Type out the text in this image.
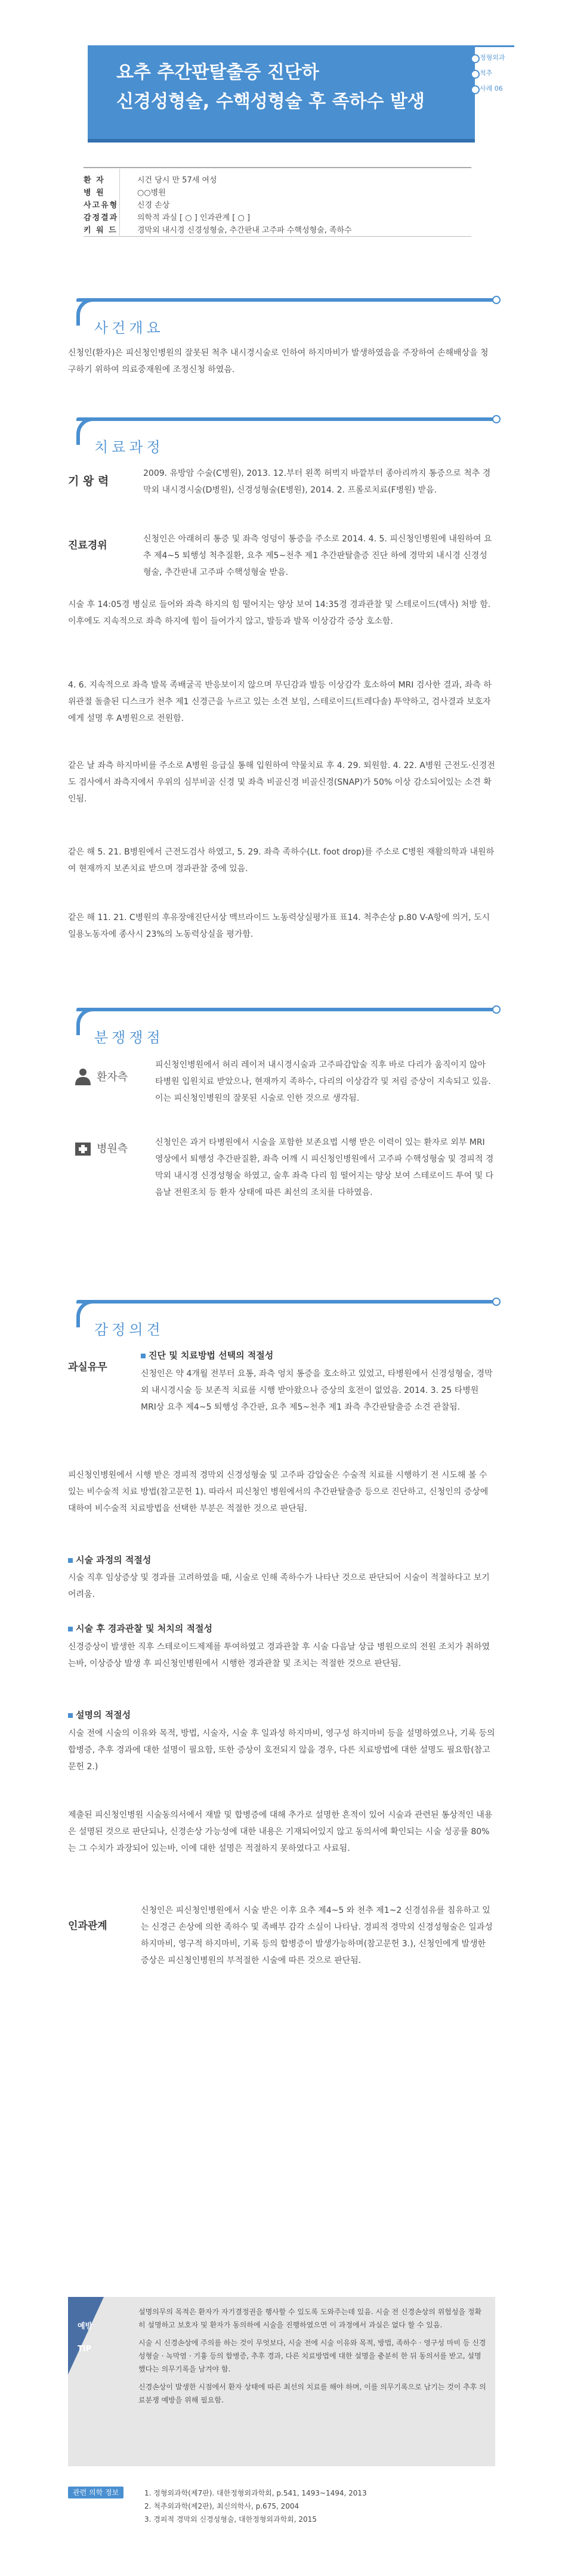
요추 추간판탈출증 진단하
신경성형술, 수핵성형술 후 족하수 발생
정형외과
척추
사례 06
환 자	시건 당시 만 57세 여성
병 원	○○병원
사고유형	신경 손상
감정결과	의학적 과실 [ ○ ] 인과관계 [ ○ ]
키 워 드	경막외 내시경 신경성형술, 추간판내 고주파 수핵성형술, 족하수
사건개요

신청인(환자)은 피신청인병원의 잘못된 척추 내시경시술로 인하여 하지마비가 발생하였음을 주장하여 손해배상을 청구하기 위하여 의료중재원에 조정신청 하였음.

치료과정
기 왕 력

2009. 유방암 수술(C병원), 2013. 12.부터 왼쪽 허벅지 바깥부터 종아리까지 통증으로 척추 경막외 내시경시술(D병원), 신경성형술(E병원), 2014. 2. 프롤로치료(F병원) 받음.

진료경위

신청인은 아래허리 통증 및 좌측 엉덩이 통증을 주소로 2014. 4. 5. 피신청인병원에 내원하여 요추 제4~5 퇴행성 척추질환, 요추 제5~천추 제1 추간판탈출증 진단 하에 경막외 내시경 신경성형술, 추간판내 고주파 수핵성형술 받음.

시술 후 14:05경 병실로 들어와 좌측 하지의 힘 떨어지는 양상 보여 14:35경 경과관찰 및 스테로이드(덱사) 처방 함. 이후에도 지속적으로 좌측 하지에 힘이 들어가지 않고, 발등과 발목 이상감각 증상 호소함.

4. 6. 지속적으로 좌측 발목 족배굴곡 반응보이지 않으며 무딘감과 발등 이상감각 호소하여 MRI 검사한 결과, 좌측 하위관절 돌출된 디스크가 천추 제1 신경근을 누르고 있는 소견 보임, 스테로이드(트레다솔) 투약하고, 검사결과 보호자에게 설명 후 A병원으로 전원함.

같은 날 좌측 하지마비를 주소로 A병원 응급실 통해 입원하여 약물치료 후 4. 29. 퇴원함. 4. 22. A병원 근전도·신경전도 검사에서 좌측지에서 우위의 심부비골 신경 및 좌측 비골신경 비골신경(SNAP)가 50% 이상 감소되어있는 소견 확인됨.

같은 해 5. 21. B병원에서 근전도검사 하였고, 5. 29. 좌측 족하수(Lt. foot drop)를 주소로 C병원 재활의학과 내원하여 현재까지 보존치료 받으며 경과관찰 중에 있음.

같은 해 11. 21. C병원의 후유장애진단서상 맥브라이드 노동력상실평가표 표14. 척추손상 p.80 V-A항에 의거, 도시일용노동자에 종사시 23%의 노동력상실을 평가함.

분쟁쟁점
환자측

피신청인병원에서 허리 레이저 내시경시술과 고주파감압술 직후 바로 다리가 움직이지 않아 타병원 입원치료 받았으나, 현재까지 족하수, 다리의 이상감각 및 저림 증상이 지속되고 있음. 이는 피신청인병원의 잘못된 시술로 인한 것으로 생각됨.

병원측	신청인은 과거 타병원에서 시술을 포함한 보존요법 시행 받은 이력이 있는 환자로 외부 MRI 영상에서 퇴행성 추간판질환, 좌측 어깨 시 피신청인병원에서 고주파 수핵성형술 및 경피적 경막외 내시경 신경성형술 하였고, 술후 좌측 다리 힘 떨어지는 양상 보여 스테로이드 투여 및 다음날 전원조치 등 환자 상태에 따른 최선의 조치를 다하였음.

감정의견
과실유무
진단 및 치료방법 선택의 적절성

신청인은 약 4개월 전부터 요통, 좌측 엉치 통증을 호소하고 있었고, 타병원에서 신경성형술, 경막외 내시경시술 등 보존적 치료를 시행 받아왔으나 증상의 호전이 없었음. 2014. 3. 25 타병원 MRI상 요추 제4~5 퇴행성 추간판, 요추 제5~천추 제1 좌측 추간판탈출증 소견 관찰됨.

피신청인병원에서 시행 받은 경피적 경막외 신경성형술 및 고주파 감압술은 수술적 치료를 시행하기 전 시도해 볼 수 있는 비수술적 치료 방법(참고문헌 1). 따라서 피신청인 병원에서의 추간판탈출증 등으로 진단하고, 신청인의 증상에 대하여 비수술적 치료방법을 선택한 부분은 적절한 것으로 판단됨.

시술 과정의 적절성

시술 직후 임상증상 및 경과를 고려하였을 때, 시술로 인해 족하수가 나타난 것으로 판단되어 시술이 적절하다고 보기 어려움.

시술 후 경과관찰 및 처치의 적절성

신경증상이 발생한 직후 스테로이드제제를 투여하였고 경과관찰 후 시술 다음날 상급 병원으로의 전원 조치가 취하였는바, 이상증상 발생 후 피신청인병원에서 시행한 경과관찰 및 조치는 적절한 것으로 판단됨.

설명의 적절성

시술 전에 시술의 이유와 목적, 방법, 시술자, 시술 후 일과성 하지마비, 영구성 하지마비 등을 설명하였으나, 기록 등의 합병증, 추후 경과에 대한 설명이 필요함, 또한 증상이 호전되지 않을 경우, 다른 치료방법에 대한 설명도 필요함(참고문헌 2.)

제출된 피신청인병원 시술동의서에서 재발 및 합병증에 대해 추가로 설명한 흔적이 있어 시술과 관련된 통상적인 내용은 설명된 것으로 판단되나, 신경손상 가능성에 대한 내용은 기재되어있지 않고 동의서에 확인되는 시술 성공률 80%는 그 수치가 과장되어 있는바, 이에 대한 설명은 적절하지 못하였다고 사료됨.

인과관계

신청인은 피신청인병원에서 시술 받은 이후 요추 제4~5 와 천추 제1~2 신경섬유를 침유하고 있는 신경근 손상에 의한 족하수 및 족배부 감각 소실이 나타남. 경피적 경막외 신경성형술은 일과성 하지마비, 영구적 하지마비, 기록 등의 합병증이 발생가능하며(참고문헌 3.), 신청인에게 발생한 증상은 피신청인병원의 부적절한 시술에 따른 것으로 판단됨.

예방
TIP
설명의무의 목적은 환자가 자기결정권을 행사할 수 있도록 도와주는데 있음. 시술 전 신경손상의 위험성을 정확히 설명하고 보호자 및 환자가 동의하에 시술을 진행하였으면 이 과정에서 과실은 없다 할 수 있음.
시술 시 신경손상에 주의를 하는 것이 무엇보다, 시술 전에 시술 이유와 목적, 방법, 족하수 · 영구성 마비 등 신경성형술 · 녹막염 · 기흉 등의 합병증, 추후 경과, 다른 치료방법에 대한 설명을 충분히 한 뒤 동의서를 받고, 설명했다는 의무기록을 남겨야 함.
신경손상이 발생한 시점에서 환자 상태에 따른 최선의 치료를 해야 하며, 이를 의무기록으로 남기는 것이 추후 의료분쟁 예방을 위해 필요함.
관련 의학 정보	1. 정형외과학(제7판). 대한정형외과학회, p.541, 1493~1494, 2013
2. 척추외과학(제2판), 최신의학사, p.675, 2004
3. 경피적 경막외 신경성형술, 대한정형외과학회, 2015
